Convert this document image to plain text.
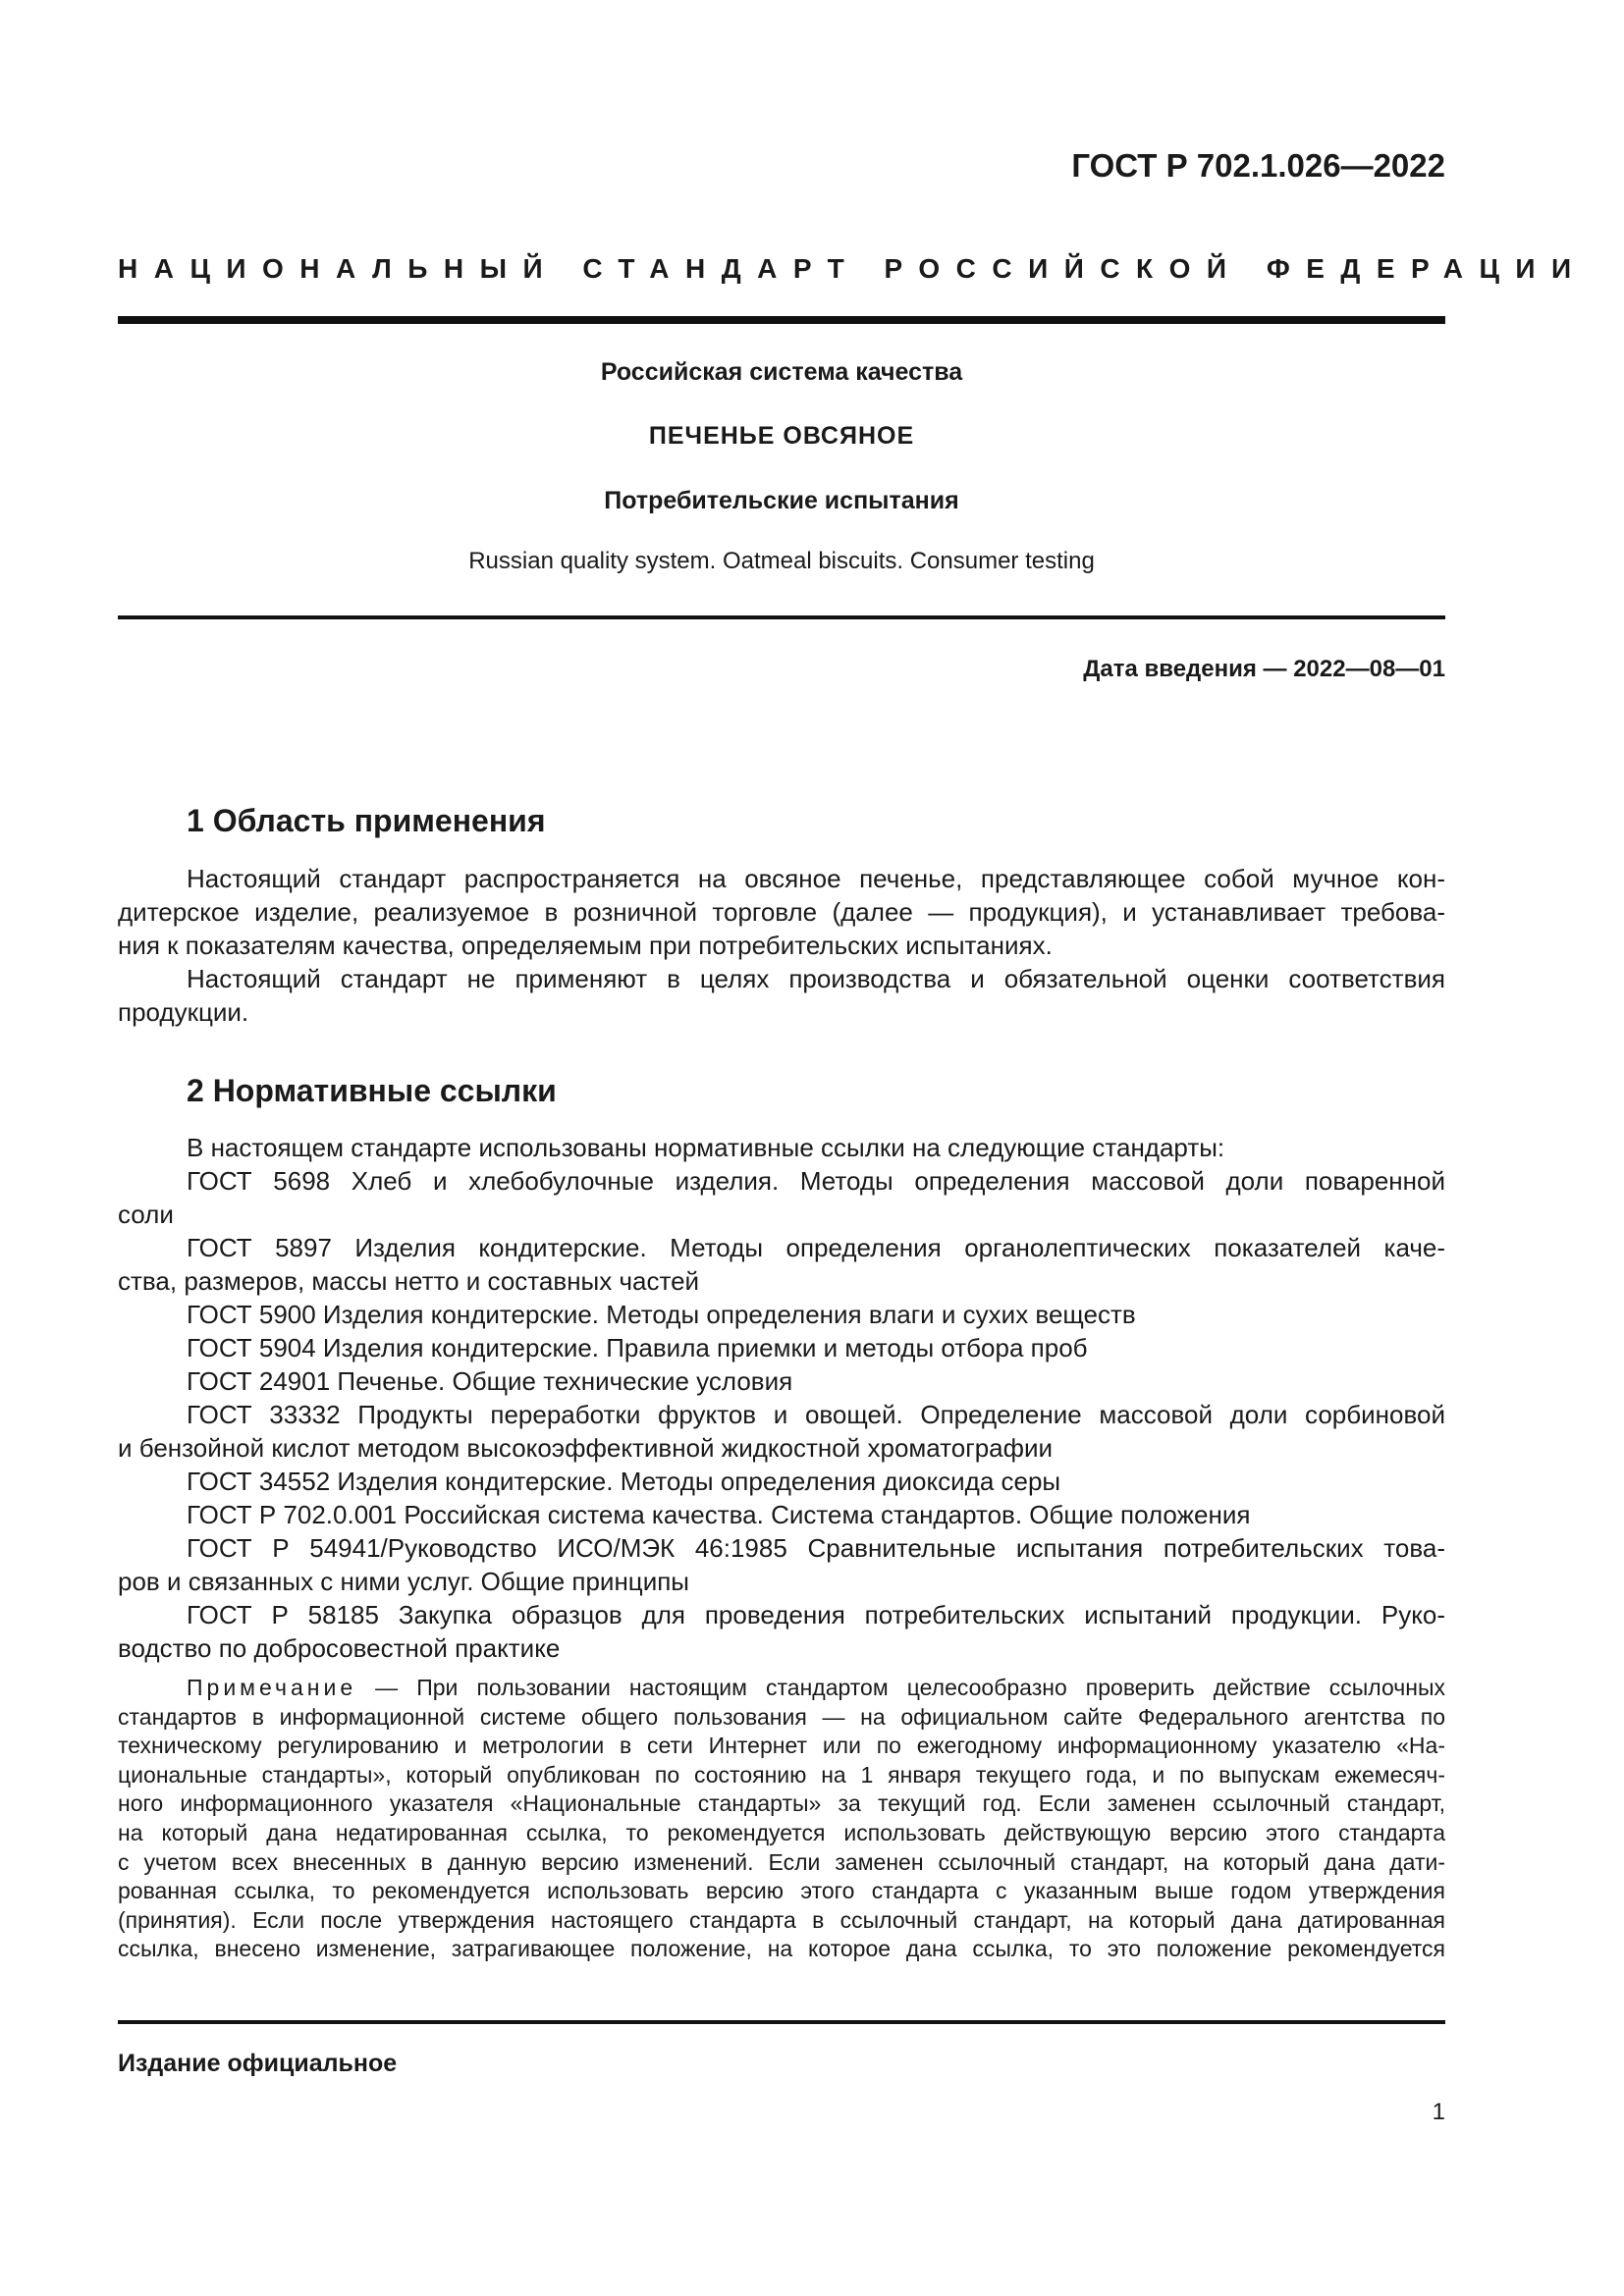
ГОСТ Р 702.1.026—2022
НАЦИОНАЛЬНЫЙ СТАНДАРТ РОССИЙСКОЙ ФЕДЕРАЦИИ
Российская система качества
ПЕЧЕНЬЕ ОВСЯНОЕ
Потребительские испытания
Russian quality system. Oatmeal biscuits. Consumer testing
Дата введения — 2022—08—01
1 Область применения
Настоящий стандарт распространяется на овсяное печенье, представляющее собой мучное кон-
дитерское изделие, реализуемое в розничной торговле (далее — продукция), и устанавливает требова-
ния к показателям качества, определяемым при потребительских испытаниях.
Настоящий стандарт не применяют в целях производства и обязательной оценки соответствия
продукции.
2 Нормативные ссылки
В настоящем стандарте использованы нормативные ссылки на следующие стандарты:
ГОСТ 5698 Хлеб и хлебобулочные изделия. Методы определения массовой доли поваренной
соли
ГОСТ 5897 Изделия кондитерские. Методы определения органолептических показателей каче-
ства, размеров, массы нетто и составных частей
ГОСТ 5900 Изделия кондитерские. Методы определения влаги и сухих веществ
ГОСТ 5904 Изделия кондитерские. Правила приемки и методы отбора проб
ГОСТ 24901 Печенье. Общие технические условия
ГОСТ 33332 Продукты переработки фруктов и овощей. Определение массовой доли сорбиновой
и бензойной кислот методом высокоэффективной жидкостной хроматографии
ГОСТ 34552 Изделия кондитерские. Методы определения диоксида серы
ГОСТ Р 702.0.001 Российская система качества. Система стандартов. Общие положения
ГОСТ Р 54941/Руководство ИСО/МЭК 46:1985 Сравнительные испытания потребительских това-
ров и связанных с ними услуг. Общие принципы
ГОСТ Р 58185 Закупка образцов для проведения потребительских испытаний продукции. Руко-
водство по добросовестной практике
Примечание — При пользовании настоящим стандартом целесообразно проверить действие ссылочных
стандартов в информационной системе общего пользования — на официальном сайте Федерального агентства по
техническому регулированию и метрологии в сети Интернет или по ежегодному информационному указателю «На-
циональные стандарты», который опубликован по состоянию на 1 января текущего года, и по выпускам ежемесяч-
ного информационного указателя «Национальные стандарты» за текущий год. Если заменен ссылочный стандарт,
на который дана недатированная ссылка, то рекомендуется использовать действующую версию этого стандарта
с учетом всех внесенных в данную версию изменений. Если заменен ссылочный стандарт, на который дана дати-
рованная ссылка, то рекомендуется использовать версию этого стандарта с указанным выше годом утверждения
(принятия). Если после утверждения настоящего стандарта в ссылочный стандарт, на который дана датированная
ссылка, внесено изменение, затрагивающее положение, на которое дана ссылка, то это положение рекомендуется
Издание официальное
1
